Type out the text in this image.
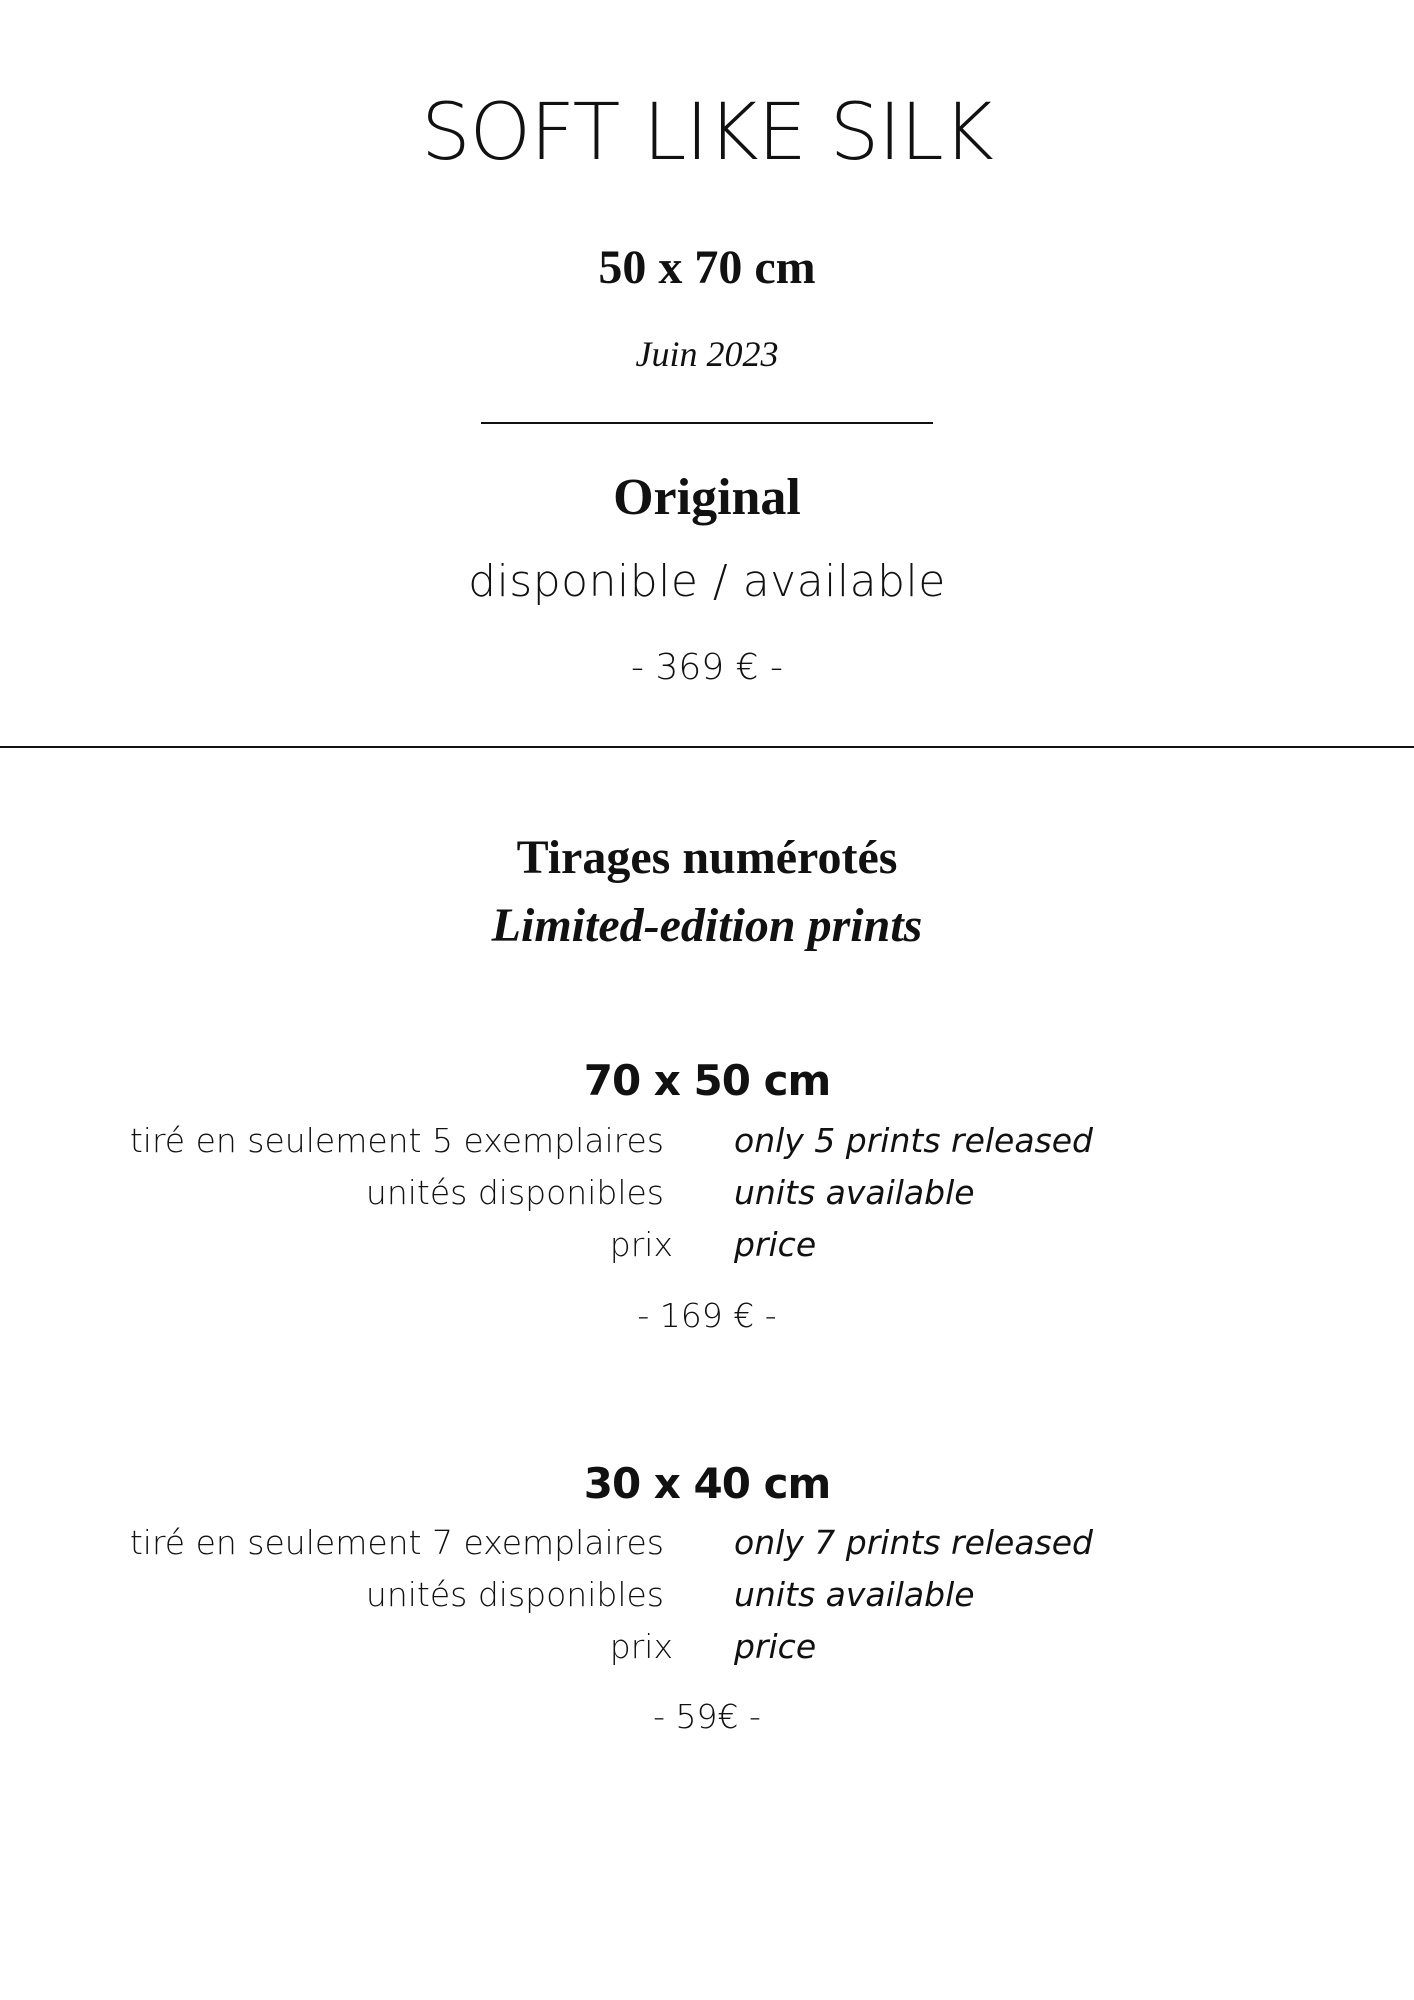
SOFT LIKE SILK
50 x 70 cm
Juin 2023
Original
disponible / available
- 369 € -
Tirages numérotés
Limited-edition prints
70 x 50 cm
tiré en seulement 5 exemplaires only 5 prints released
unités disponibles units available
prix price
- 169 € -
30 x 40 cm
tiré en seulement 7 exemplaires only 7 prints released
unités disponibles units available
prix price
- 59€ -
